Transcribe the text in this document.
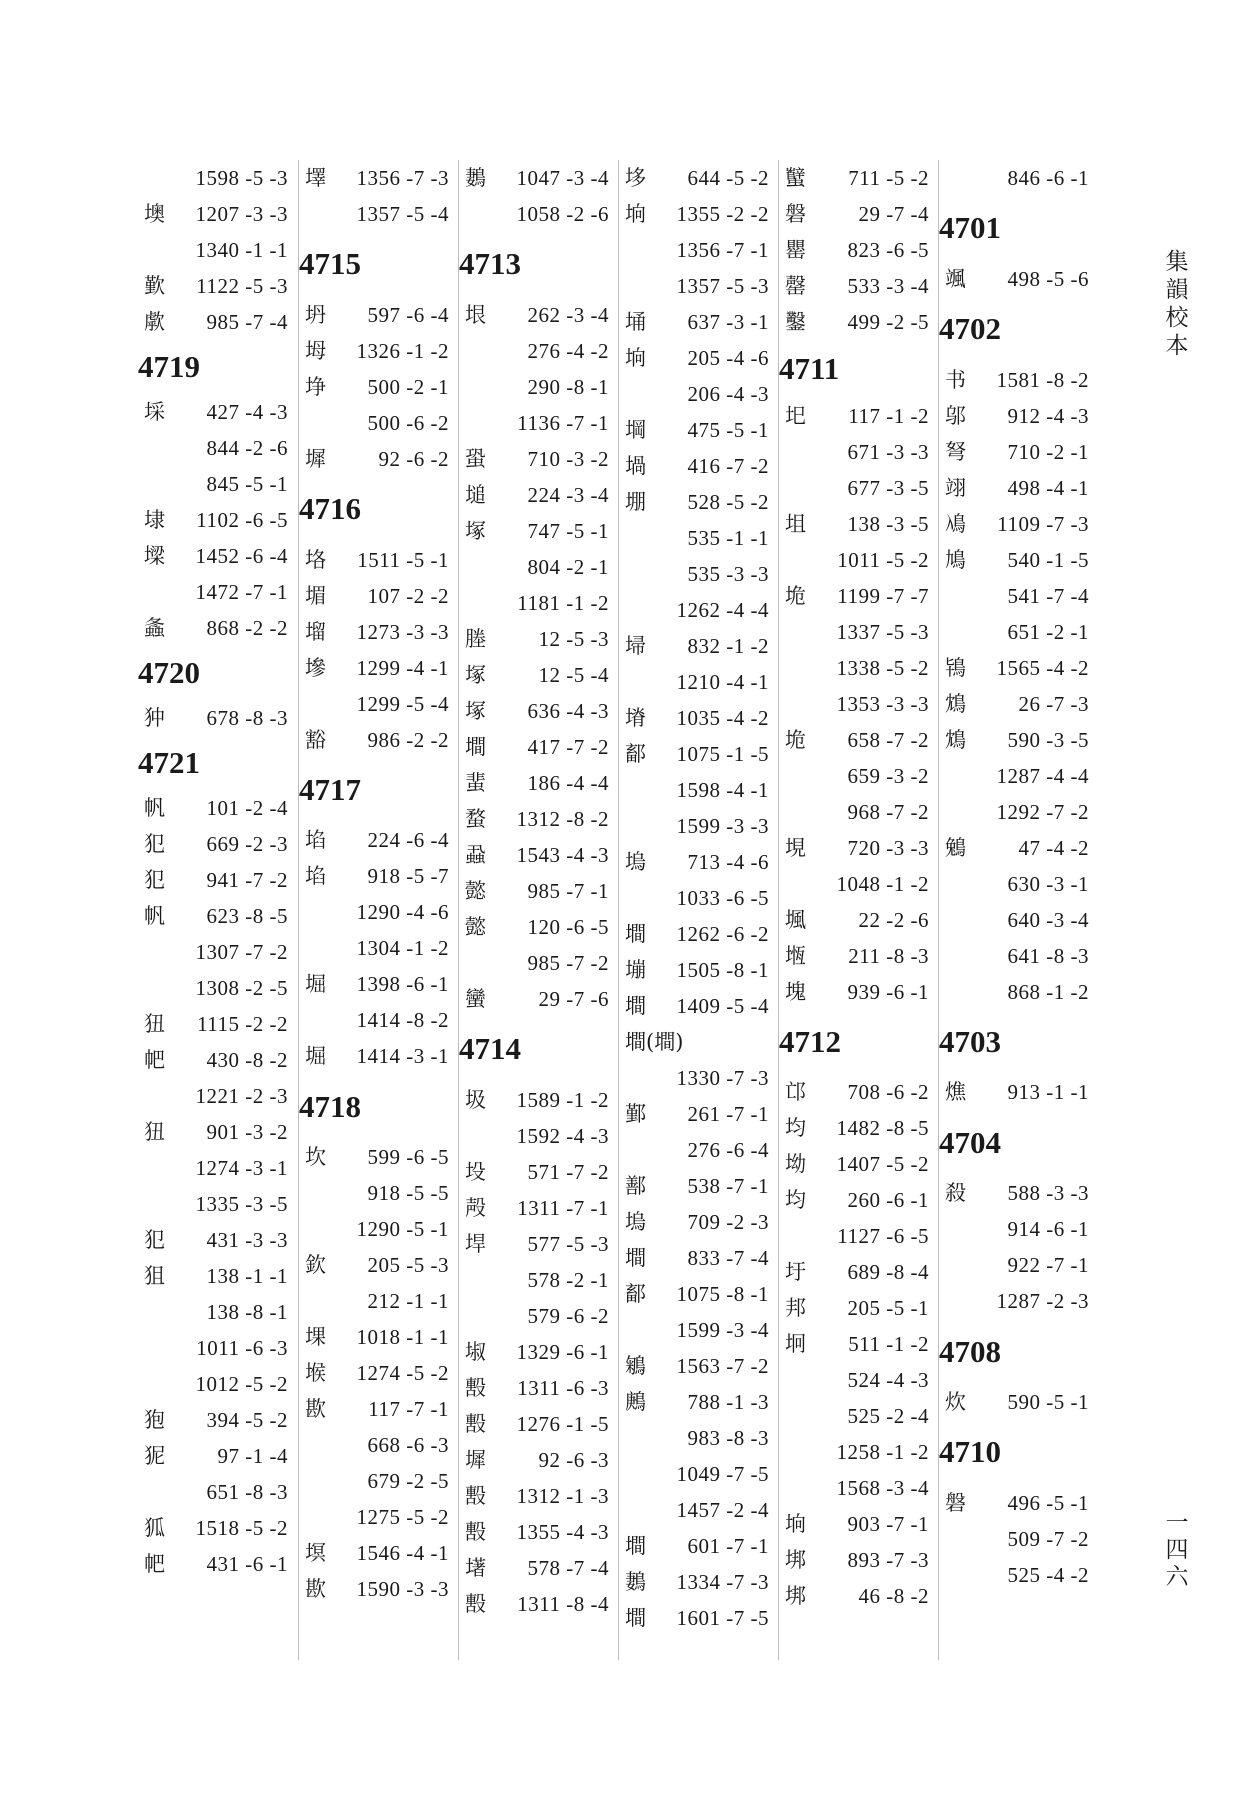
集
韻
校
本
1598 -5 -3
墺	1207 -3 -3
1340 -1 -1
歏	1122 -5 -3
歑	985 -7 -4
4719
埰	427 -4 -3
844 -2 -6
845 -5 -1
埭	1102 -6 -5
墚	1452 -6 -4
1472 -7 -1
螽	868 -2 -2
4720
狆	678 -8 -3
4721
帆	101 -2 -4
犯	669 -2 -3
犯	941 -7 -2
帆	623 -8 -5
1307 -7 -2
1308 -2 -5
狃	1115 -2 -2
帊	430 -8 -2
1221 -2 -3
狃	901 -3 -2
1274 -3 -1
1335 -3 -5
犯	431 -3 -3
狙	138 -1 -1
138 -8 -1
1011 -6 -3
1012 -5 -2
狍	394 -5 -2
狔	97 -1 -4
651 -8 -3
狐	1518 -5 -2
帊	431 -6 -1
墿	1356 -7 -3
1357 -5 -4
4715
坍	597 -6 -4
坶	1326 -1 -2
埩	500 -2 -1
500 -6 -2
墀	92 -6 -2
4716
垎	1511 -5 -1
堳	107 -2 -2
塯	1273 -3 -3
墋	1299 -4 -1
1299 -5 -4
豁	986 -2 -2
4717
埳	224 -6 -4
埳	918 -5 -7
1290 -4 -6
1304 -1 -2
堀	1398 -6 -1
1414 -8 -2
堀	1414 -3 -1
4718
坎	599 -6 -5
918 -5 -5
1290 -5 -1
欽	205 -5 -3
212 -1 -1
堁	1018 -1 -1
堠	1274 -5 -2
歁	117 -7 -1
668 -6 -3
679 -2 -5
1275 -5 -2
塓	1546 -4 -1
歁	1590 -3 -3
鶈	1047 -3 -4
1058 -2 -6
4713
垠	262 -3 -4
276 -4 -2
290 -8 -1
1136 -7 -1
蛩	710 -3 -2
塠	224 -3 -4
塚	747 -5 -1
804 -2 -1
1181 -1 -2
塍	12 -5 -3
塚	12 -5 -4
塚	636 -4 -3
墹	417 -7 -2
蜚	186 -4 -4
蝥	1312 -8 -2
蝨	1543 -4 -3
懿	985 -7 -1
懿	120 -6 -5
985 -7 -2
蠻	29 -7 -6
4714
圾	1589 -1 -2
1592 -4 -3
坄	571 -7 -2
殸	1311 -7 -1
垾	577 -5 -3
578 -2 -1
579 -6 -2
埱	1329 -6 -1
毄	1311 -6 -3
毄	1276 -1 -5
墀	92 -6 -3
毄	1312 -1 -3
毄	1355 -4 -3
墸	578 -7 -4
毄	1311 -8 -4
垑	644 -5 -2
垧	1355 -2 -2
1356 -7 -1
1357 -5 -3
埇	637 -3 -1
垧	205 -4 -6
206 -4 -3
堈	475 -5 -1
堝	416 -7 -2
堋	528 -5 -2
535 -1 -1
535 -3 -3
1262 -4 -4
埽	832 -1 -2
1210 -4 -1
塉	1035 -4 -2
鄐	1075 -1 -5
1598 -4 -1
1599 -3 -3
塢	713 -4 -6
1033 -6 -5
墹	1262 -6 -2
塴	1505 -8 -1
墹	1409 -5 -4
墹(墹)
1330 -7 -3
鄞	261 -7 -1
276 -6 -4
鄯	538 -7 -1
塢	709 -2 -3
墹	833 -7 -4
鄐	1075 -8 -1
1599 -3 -4
鵴	1563 -7 -2
鶊	788 -1 -3
983 -8 -3
1049 -7 -5
1457 -2 -4
墹	601 -7 -1
鶈	1334 -7 -3
墹	1601 -7 -5
蠥	711 -5 -2
磐	29 -7 -4
罌	823 -6 -5
罄	533 -3 -4
鑿	499 -2 -5
4711
圯	117 -1 -2
671 -3 -3
677 -3 -5
坥	138 -3 -5
1011 -5 -2
垝	1199 -7 -7
1337 -5 -3
1338 -5 -2
1353 -3 -3
垝	658 -7 -2
659 -3 -2
968 -7 -2
垷	720 -3 -3
1048 -1 -2
堸	22 -2 -6
堩	211 -8 -3
塊	939 -6 -1
4712
邙	708 -6 -2
均	1482 -8 -5
坳	1407 -5 -2
均	260 -6 -1
1127 -6 -5
圩	689 -8 -4
邦	205 -5 -1
坰	511 -1 -2
524 -4 -3
525 -2 -4
1258 -1 -2
1568 -3 -4
垧	903 -7 -1
垹	893 -7 -3
垹	46 -8 -2
846 -6 -1
4701
颯	498 -5 -6
4702
书	1581 -8 -2
邬	912 -4 -3
弩	710 -2 -1
翊	498 -4 -1
鳰	1109 -7 -3
鳩	540 -1 -5
541 -7 -4
651 -2 -1
鴇	1565 -4 -2
鴆	26 -7 -3
鴆	590 -3 -5
1287 -4 -4
1292 -7 -2
鵵	47 -4 -2
630 -3 -1
640 -3 -4
641 -8 -3
868 -1 -2
4703
燋	913 -1 -1
4704
殺	588 -3 -3
914 -6 -1
922 -7 -1
1287 -2 -3
4708
炊	590 -5 -1
4710
磐	496 -5 -1
509 -7 -2
525 -4 -2
一
四
六
